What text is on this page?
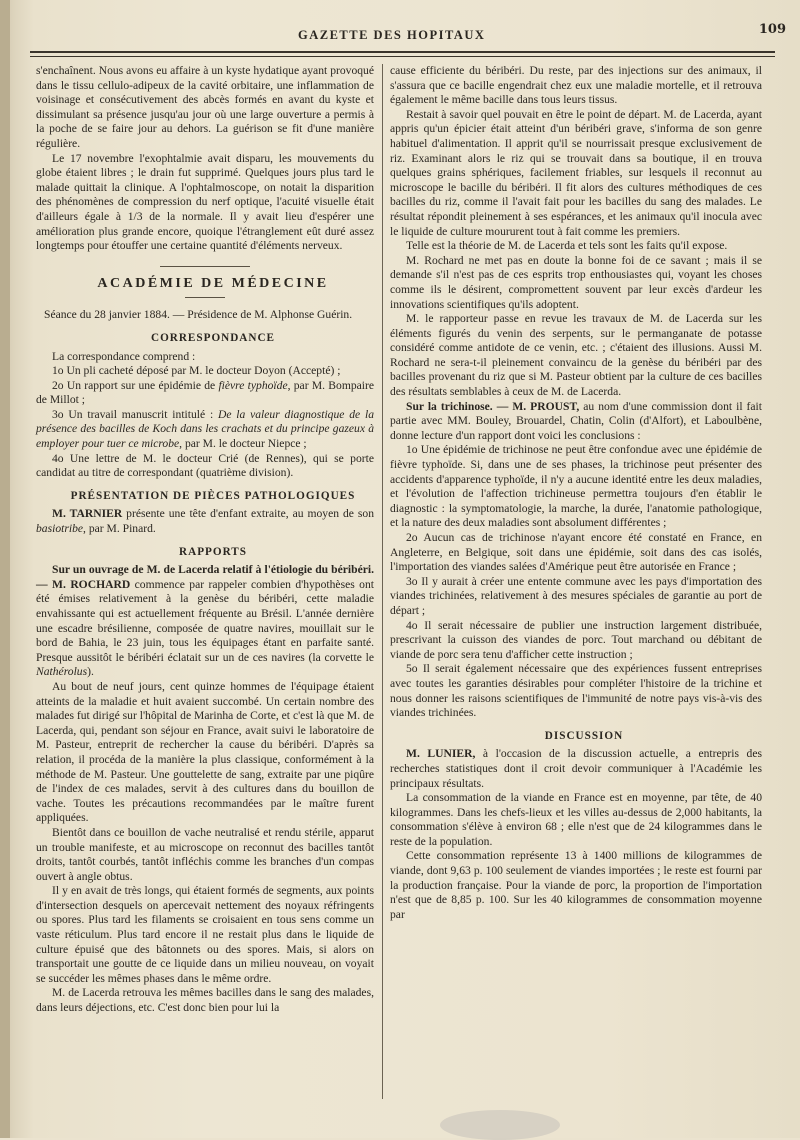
GAZETTE DES HOPITAUX	109

s'enchaînent. Nous avons eu affaire à un kyste hydatique ayant provoqué dans le tissu cellulo-adipeux de la cavité orbitaire, une inflammation de voisinage et consécutivement des abcès formés en avant du kyste et dissimulant sa présence jusqu'au jour où une large ouverture a permis à la poche de se faire jour au dehors. La guérison se fit d'une manière régulière.

Le 17 novembre l'exophtalmie avait disparu, les mouvements du globe étaient libres ; le drain fut supprimé. Quelques jours plus tard le malade quittait la clinique. A l'ophtalmoscope, on notait la disparition des phénomènes de compression du nerf optique, l'acuité visuelle était d'ailleurs égale à 1/3 de la normale. Il y avait lieu d'espérer une amélioration plus grande encore, quoique l'étranglement eût duré assez longtemps pour étouffer une certaine quantité d'éléments nerveux.

ACADÉMIE DE MÉDECINE

Séance du 28 janvier 1884. — Présidence de M. Alphonse Guérin.

CORRESPONDANCE

La correspondance comprend :

1o Un pli cacheté déposé par M. le docteur Doyon (Accepté) ;

2o Un rapport sur une épidémie de fièvre typhoïde, par M. Bompaire de Millot ;

3o Un travail manuscrit intitulé : De la valeur diagnostique de la présence des bacilles de Koch dans les crachats et du principe gazeux à employer pour tuer ce microbe, par M. le docteur Niepce ;

4o Une lettre de M. le docteur Crié (de Rennes), qui se porte candidat au titre de correspondant (quatrième division).

PRÉSENTATION DE PIÈCES PATHOLOGIQUES

M. TARNIER présente une tête d'enfant extraite, au moyen de son basiotribe, par M. Pinard.

RAPPORTS

Sur un ouvrage de M. de Lacerda relatif à l'étiologie du béribéri. — M. ROCHARD commence par rappeler combien d'hypothèses ont été émises relativement à la genèse du béribéri, cette maladie envahissante qui est actuellement fréquente au Brésil. L'année dernière une escadre brésilienne, composée de quatre navires, mouillait sur le bord de Bahia, le 23 juin, tous les équipages étant en parfaite santé. Presque aussitôt le béribéri éclatait sur un de ces navires (la corvette le Nathérolus).

Au bout de neuf jours, cent quinze hommes de l'équipage étaient atteints de la maladie et huit avaient succombé. Un certain nombre des malades fut dirigé sur l'hôpital de Marinha de Corte, et c'est là que M. de Lacerda, qui, pendant son séjour en France, avait suivi le laboratoire de M. Pasteur, entreprit de rechercher la cause du béribéri. D'après sa relation, il procéda de la manière la plus classique, conformément à la méthode de M. Pasteur. Une gouttelette de sang, extraite par une piqûre de l'index de ces malades, servit à des cultures dans du bouillon de vache. Toutes les précautions recommandées par le maître furent appliquées.

Bientôt dans ce bouillon de vache neutralisé et rendu stérile, apparut un trouble manifeste, et au microscope on reconnut des bacilles tantôt droits, tantôt courbés, tantôt infléchis comme les branches d'un compas ouvert à angle obtus.

Il y en avait de très longs, qui étaient formés de segments, aux points d'intersection desquels on apercevait nettement des noyaux réfringents ou spores. Plus tard les filaments se croisaient en tous sens comme un vaste réticulum. Plus tard encore il ne restait plus dans le liquide de culture épuisé que des bâtonnets ou des spores. Mais, si alors on transportait une goutte de ce liquide dans un milieu nouveau, on voyait se succéder les mêmes phases dans le même ordre.

M. de Lacerda retrouva les mêmes bacilles dans le sang des malades, dans leurs déjections, etc. C'est donc bien pour lui la

cause efficiente du béribéri. Du reste, par des injections sur des animaux, il s'assura que ce bacille engendrait chez eux une maladie mortelle, et il retrouva également le même bacille dans tous leurs tissus.

Restait à savoir quel pouvait en être le point de départ. M. de Lacerda, ayant appris qu'un épicier était atteint d'un béribéri grave, s'informa de son genre habituel d'alimentation. Il apprit qu'il se nourrissait presque exclusivement de riz. Examinant alors le riz qui se trouvait dans sa boutique, il en trouva quelques grains sphériques, facilement friables, sur lesquels il reconnut au microscope le bacille du béribéri. Il fit alors des cultures méthodiques de ces bacilles du riz, comme il l'avait fait pour les bacilles du sang des malades. Le résultat répondit pleinement à ses espérances, et les animaux qu'il inocula avec le liquide de culture moururent tout à fait comme les premiers.

Telle est la théorie de M. de Lacerda et tels sont les faits qu'il expose.

M. Rochard ne met pas en doute la bonne foi de ce savant ; mais il se demande s'il n'est pas de ces esprits trop enthousiastes qui, voyant les choses comme ils le désirent, compromettent souvent par leur excès d'ardeur les innovations scientifiques qu'ils adoptent.

M. le rapporteur passe en revue les travaux de M. de Lacerda sur les éléments figurés du venin des serpents, sur le permanganate de potasse considéré comme antidote de ce venin, etc. ; c'étaient des illusions. Aussi M. Rochard ne sera-t-il pleinement convaincu de la genèse du béribéri par des bacilles provenant du riz que si M. Pasteur obtient par la culture de ces bacilles des résultats semblables à ceux de M. de Lacerda.

Sur la trichinose. — M. PROUST, au nom d'une commission dont il fait partie avec MM. Bouley, Brouardel, Chatin, Colin (d'Alfort), et Laboulbène, donne lecture d'un rapport dont voici les conclusions :

1o Une épidémie de trichinose ne peut être confondue avec une épidémie de fièvre typhoïde. Si, dans une de ses phases, la trichinose peut présenter des accidents d'apparence typhoïde, il n'y a aucune identité entre les deux maladies, et l'évolution de l'affection trichineuse permettra toujours d'en établir le diagnostic : la symptomatologie, la marche, la durée, l'anatomie pathologique, et la nature des deux maladies sont absolument différentes ;

2o Aucun cas de trichinose n'ayant encore été constaté en France, en Angleterre, en Belgique, soit dans une épidémie, soit dans des cas isolés, l'importation des viandes salées d'Amérique peut être autorisée en France ;

3o Il y aurait à créer une entente commune avec les pays d'importation des viandes trichinées, relativement à des mesures spéciales de garantie au port de départ ;

4o Il serait nécessaire de publier une instruction largement distribuée, prescrivant la cuisson des viandes de porc. Tout marchand ou débitant de viande de porc sera tenu d'afficher cette instruction ;

5o Il serait également nécessaire que des expériences fussent entreprises avec toutes les garanties désirables pour compléter l'histoire de la trichine et nous donner les raisons scientifiques de l'immunité de notre pays vis-à-vis des viandes trichinées.

DISCUSSION

M. LUNIER, à l'occasion de la discussion actuelle, a entrepris des recherches statistiques dont il croit devoir communiquer à l'Académie les principaux résultats.

La consommation de la viande en France est en moyenne, par tête, de 40 kilogrammes. Dans les chefs-lieux et les villes au-dessus de 2,000 habitants, la consommation s'élève à environ 68 ; elle n'est que de 24 kilogrammes dans le reste de la population.

Cette consommation représente 13 à 1400 millions de kilogrammes de viande, dont 9,63 p. 100 seulement de viandes importées ; le reste est fourni par la production française. Pour la viande de porc, la proportion de l'importation n'est que de 8,85 p. 100. Sur les 40 kilogrammes de consommation moyenne par
